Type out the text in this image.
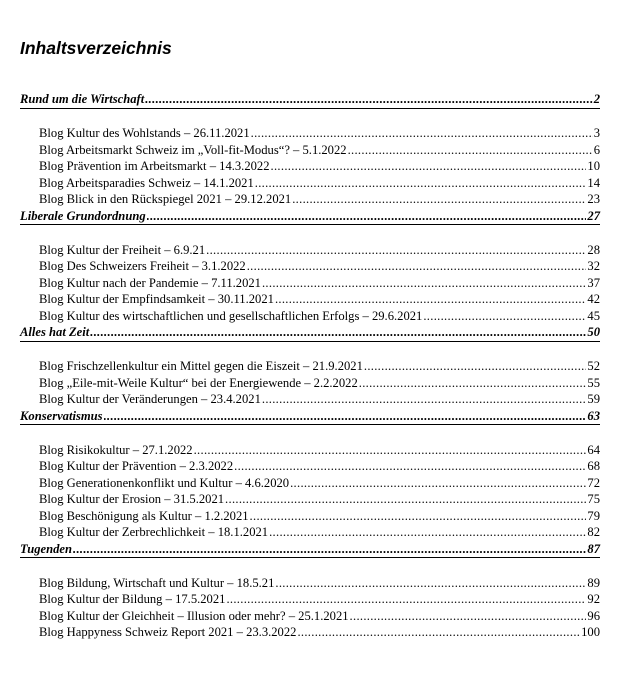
Inhaltsverzeichnis
Rund um die Wirtschaft .....	2
Blog Kultur des Wohlstands – 26.11.2021 .....	3
Blog Arbeitsmarkt Schweiz im „Voll-fit-Modus“? – 5.1.2022 .....	6
Blog Prävention im Arbeitsmarkt – 14.3.2022 .....	10
Blog Arbeitsparadies Schweiz – 14.1.2021 .....	14
Blog Blick in den Rückspiegel 2021 – 29.12.2021 .....	23
Liberale Grundordnung .....	27
Blog Kultur der Freiheit – 6.9.21 .....	28
Blog Des Schweizers Freiheit – 3.1.2022 .....	32
Blog Kultur nach der Pandemie – 7.11.2021 .....	37
Blog Kultur der Empfindsamkeit – 30.11.2021 .....	42
Blog Kultur des wirtschaftlichen und gesellschaftlichen Erfolgs – 29.6.2021 .....	45
Alles hat Zeit .....	50
Blog Frischzellenkultur ein Mittel gegen die Eiszeit – 21.9.2021 .....	52
Blog „Eile-mit-Weile Kultur“ bei der Energiewende – 2.2.2022 .....	55
Blog Kultur der Veränderungen – 23.4.2021 .....	59
Konservatismus .....	63
Blog Risikokultur – 27.1.2022 .....	64
Blog Kultur der Prävention – 2.3.2022 .....	68
Blog Generationenkonflikt und Kultur – 4.6.2020 .....	72
Blog Kultur der Erosion – 31.5.2021 .....	75
Blog Beschönigung als Kultur – 1.2.2021 .....	79
Blog Kultur der Zerbrechlichkeit – 18.1.2021 .....	82
Tugenden .....	87
Blog Bildung, Wirtschaft und Kultur – 18.5.21 .....	89
Blog Kultur der Bildung – 17.5.2021 .....	92
Blog Kultur der Gleichheit – Illusion oder mehr? – 25.1.2021 .....	96
Blog Happyness Schweiz Report 2021 – 23.3.2022 .....	100
